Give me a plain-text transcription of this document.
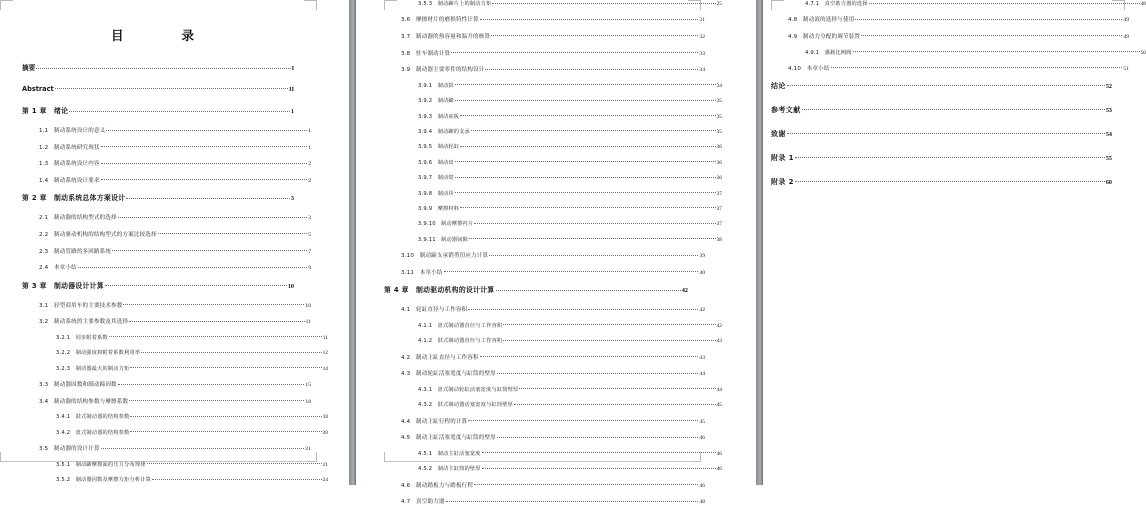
目　　录
摘要	I
Abstract	II
第 1 章　绪论	1
1.1　制动系统设计的意义	1
1.2　制动系统研究现状	1
1.3　制动系统设计内容	2
1.4　制动系统设计要求	2
第 2 章　制动系统总体方案设计	3
2.1　制动器的结构型式的选择	3
2.2　制动驱动机构的结构型式的方案比较选择	5
2.3　制动管路的多回路系统	7
2.4　本章小结	9
第 3 章　制动器设计计算	10
3.1　轻型商用车的主要技术参数	10
3.2　制动系统的主要参数及其选择	11
3.2.1　同步附着系数	11
3.2.2　制动强度和附着系数利用率	12
3.2.3　制动器最大的制动力矩	14
3.3　制动器因数和制动蹄因数	15
3.4　制动器的结构参数与摩擦系数	18
3.4.1　鼓式制动器的结构参数	18
3.4.2　盘式制动器的结构参数	20
3.5　制动器的设计计算	21
3.5.1　制动蹄摩擦面的压力分布规律	21
3.5.2　制动器因数及摩擦力矩分析计算	24
3.5.3　制动蹄片上的制动力矩	25
3.6　摩擦材片的磨损特性计算	31
3.7　制动器的热容量和温升的核算	32
3.8　驻车制动计算	33
3.9　制动器主要零件的结构设计	34
3.9.1　制动鼓	34
3.9.2　制动蹄	35
3.9.3　制动底板	35
3.9.4　制动蹄的支承	35
3.9.5　制动轮缸	36
3.9.6　制动盘	36
3.9.7　制动钳	36
3.9.8　制动块	37
3.9.9　摩擦材料	37
3.9.10　制动摩擦衬片	37
3.9.11　制动器间隙	38
3.10　制动蹄支承销剪切应力计算	39
3.11　本章小结	40
第 4 章　制动驱动机构的设计计算	42
4.1　轮缸直径与工作容积	42
4.1.1　盘式制动器直径与工作容积	42
4.1.2　鼓式制动器直径与工作容积	43
4.2　制动主缸直径与工作容积	43
4.3　制动轮缸活塞宽度与缸筒的壁厚	44
4.3.1　盘式制动轮缸活塞宽度与缸筒壁厚	44
4.3.2　鼓式制动器活塞宽度与缸筒壁厚	45
4.4　制动主缸行程的计算	45
4.5　制动主缸活塞宽度与缸筒的壁厚	46
4.5.1　制动主缸活塞宽度	46
4.5.2　制动主缸筒的壁厚	46
4.6　制动踏板力与踏板行程	46
4.7　真空助力器	48
4.7.1　真空助力器的选择	48
4.8　制动液的选择与使用	49
4.9　制动力分配的调节装置	49
4.9.1　感载比例阀	50
4.10　本章小结	51
结论	52
参考文献	53
致谢	54
附录 1	55
附录 2	60
